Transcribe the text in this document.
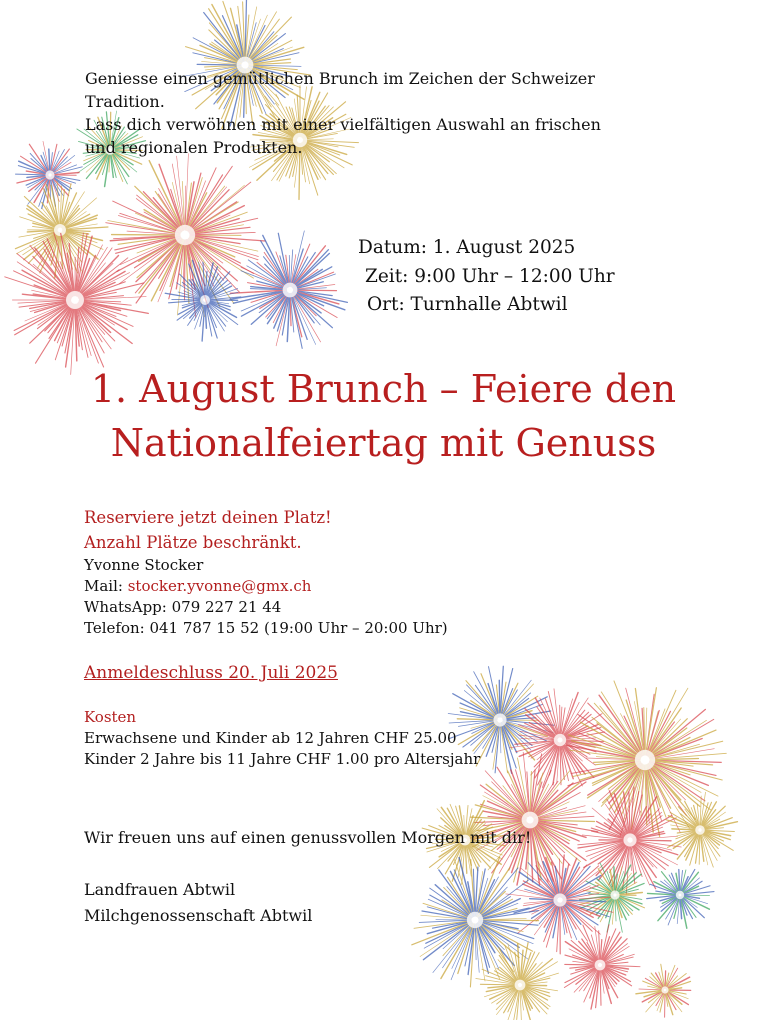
Geniesse einen gemütlichen Brunch im Zeichen der Schweizer
Tradition.
Lass dich verwöhnen mit einer vielfältigen Auswahl an frischen
und regionalen Produkten.
Datum: 1. August 2025
Zeit: 9:00 Uhr – 12:00 Uhr
Ort: Turnhalle Abtwil
1. August Brunch – Feiere den
Nationalfeiertag mit Genuss
Reserviere jetzt deinen Platz!
Anzahl Plätze beschränkt.
Yvonne Stocker
Mail: stocker.yvonne@gmx.ch
WhatsApp: 079 227 21 44
Telefon: 041 787 15 52 (19:00 Uhr – 20:00 Uhr)
Anmeldeschluss 20. Juli 2025
Kosten
Erwachsene und Kinder ab 12 Jahren CHF 25.00
Kinder 2 Jahre bis 11 Jahre CHF 1.00 pro Altersjahr
Wir freuen uns auf einen genussvollen Morgen mit dir!
Landfrauen Abtwil
Milchgenossenschaft Abtwil
